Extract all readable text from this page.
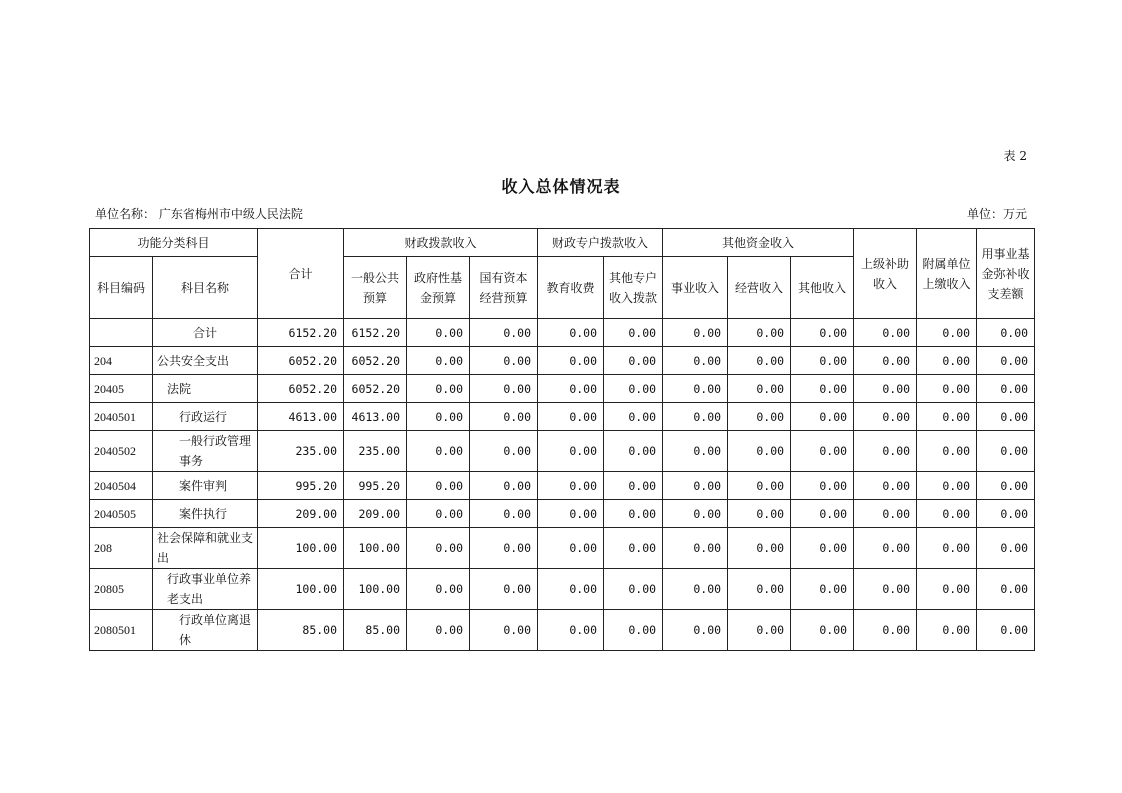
表 2
收入总体情况表
单位名称： 广东省梅州市中级人民法院	单位：万元
功能分类科目		合计	财政拨款收入			财政专户拨款收入		其他资金收入			上级补助收入	附属单位上缴收入	用事业基金弥补收支差额
科目编码	科目名称		一般公共预算	政府性基金预算	国有资本经营预算	教育收费	其他专户收入拨款	事业收入	经营收入	其他收入			
	合计	6152.20	6152.20	0.00	0.00	0.00	0.00	0.00	0.00	0.00	0.00	0.00	0.00
204	公共安全支出	6052.20	6052.20	0.00	0.00	0.00	0.00	0.00	0.00	0.00	0.00	0.00	0.00
20405	法院	6052.20	6052.20	0.00	0.00	0.00	0.00	0.00	0.00	0.00	0.00	0.00	0.00
2040501	行政运行	4613.00	4613.00	0.00	0.00	0.00	0.00	0.00	0.00	0.00	0.00	0.00	0.00
2040502	一般行政管理事务	235.00	235.00	0.00	0.00	0.00	0.00	0.00	0.00	0.00	0.00	0.00	0.00
2040504	案件审判	995.20	995.20	0.00	0.00	0.00	0.00	0.00	0.00	0.00	0.00	0.00	0.00
2040505	案件执行	209.00	209.00	0.00	0.00	0.00	0.00	0.00	0.00	0.00	0.00	0.00	0.00
208	社会保障和就业支出	100.00	100.00	0.00	0.00	0.00	0.00	0.00	0.00	0.00	0.00	0.00	0.00
20805	行政事业单位养老支出	100.00	100.00	0.00	0.00	0.00	0.00	0.00	0.00	0.00	0.00	0.00	0.00
2080501	行政单位离退休	85.00	85.00	0.00	0.00	0.00	0.00	0.00	0.00	0.00	0.00	0.00	0.00
